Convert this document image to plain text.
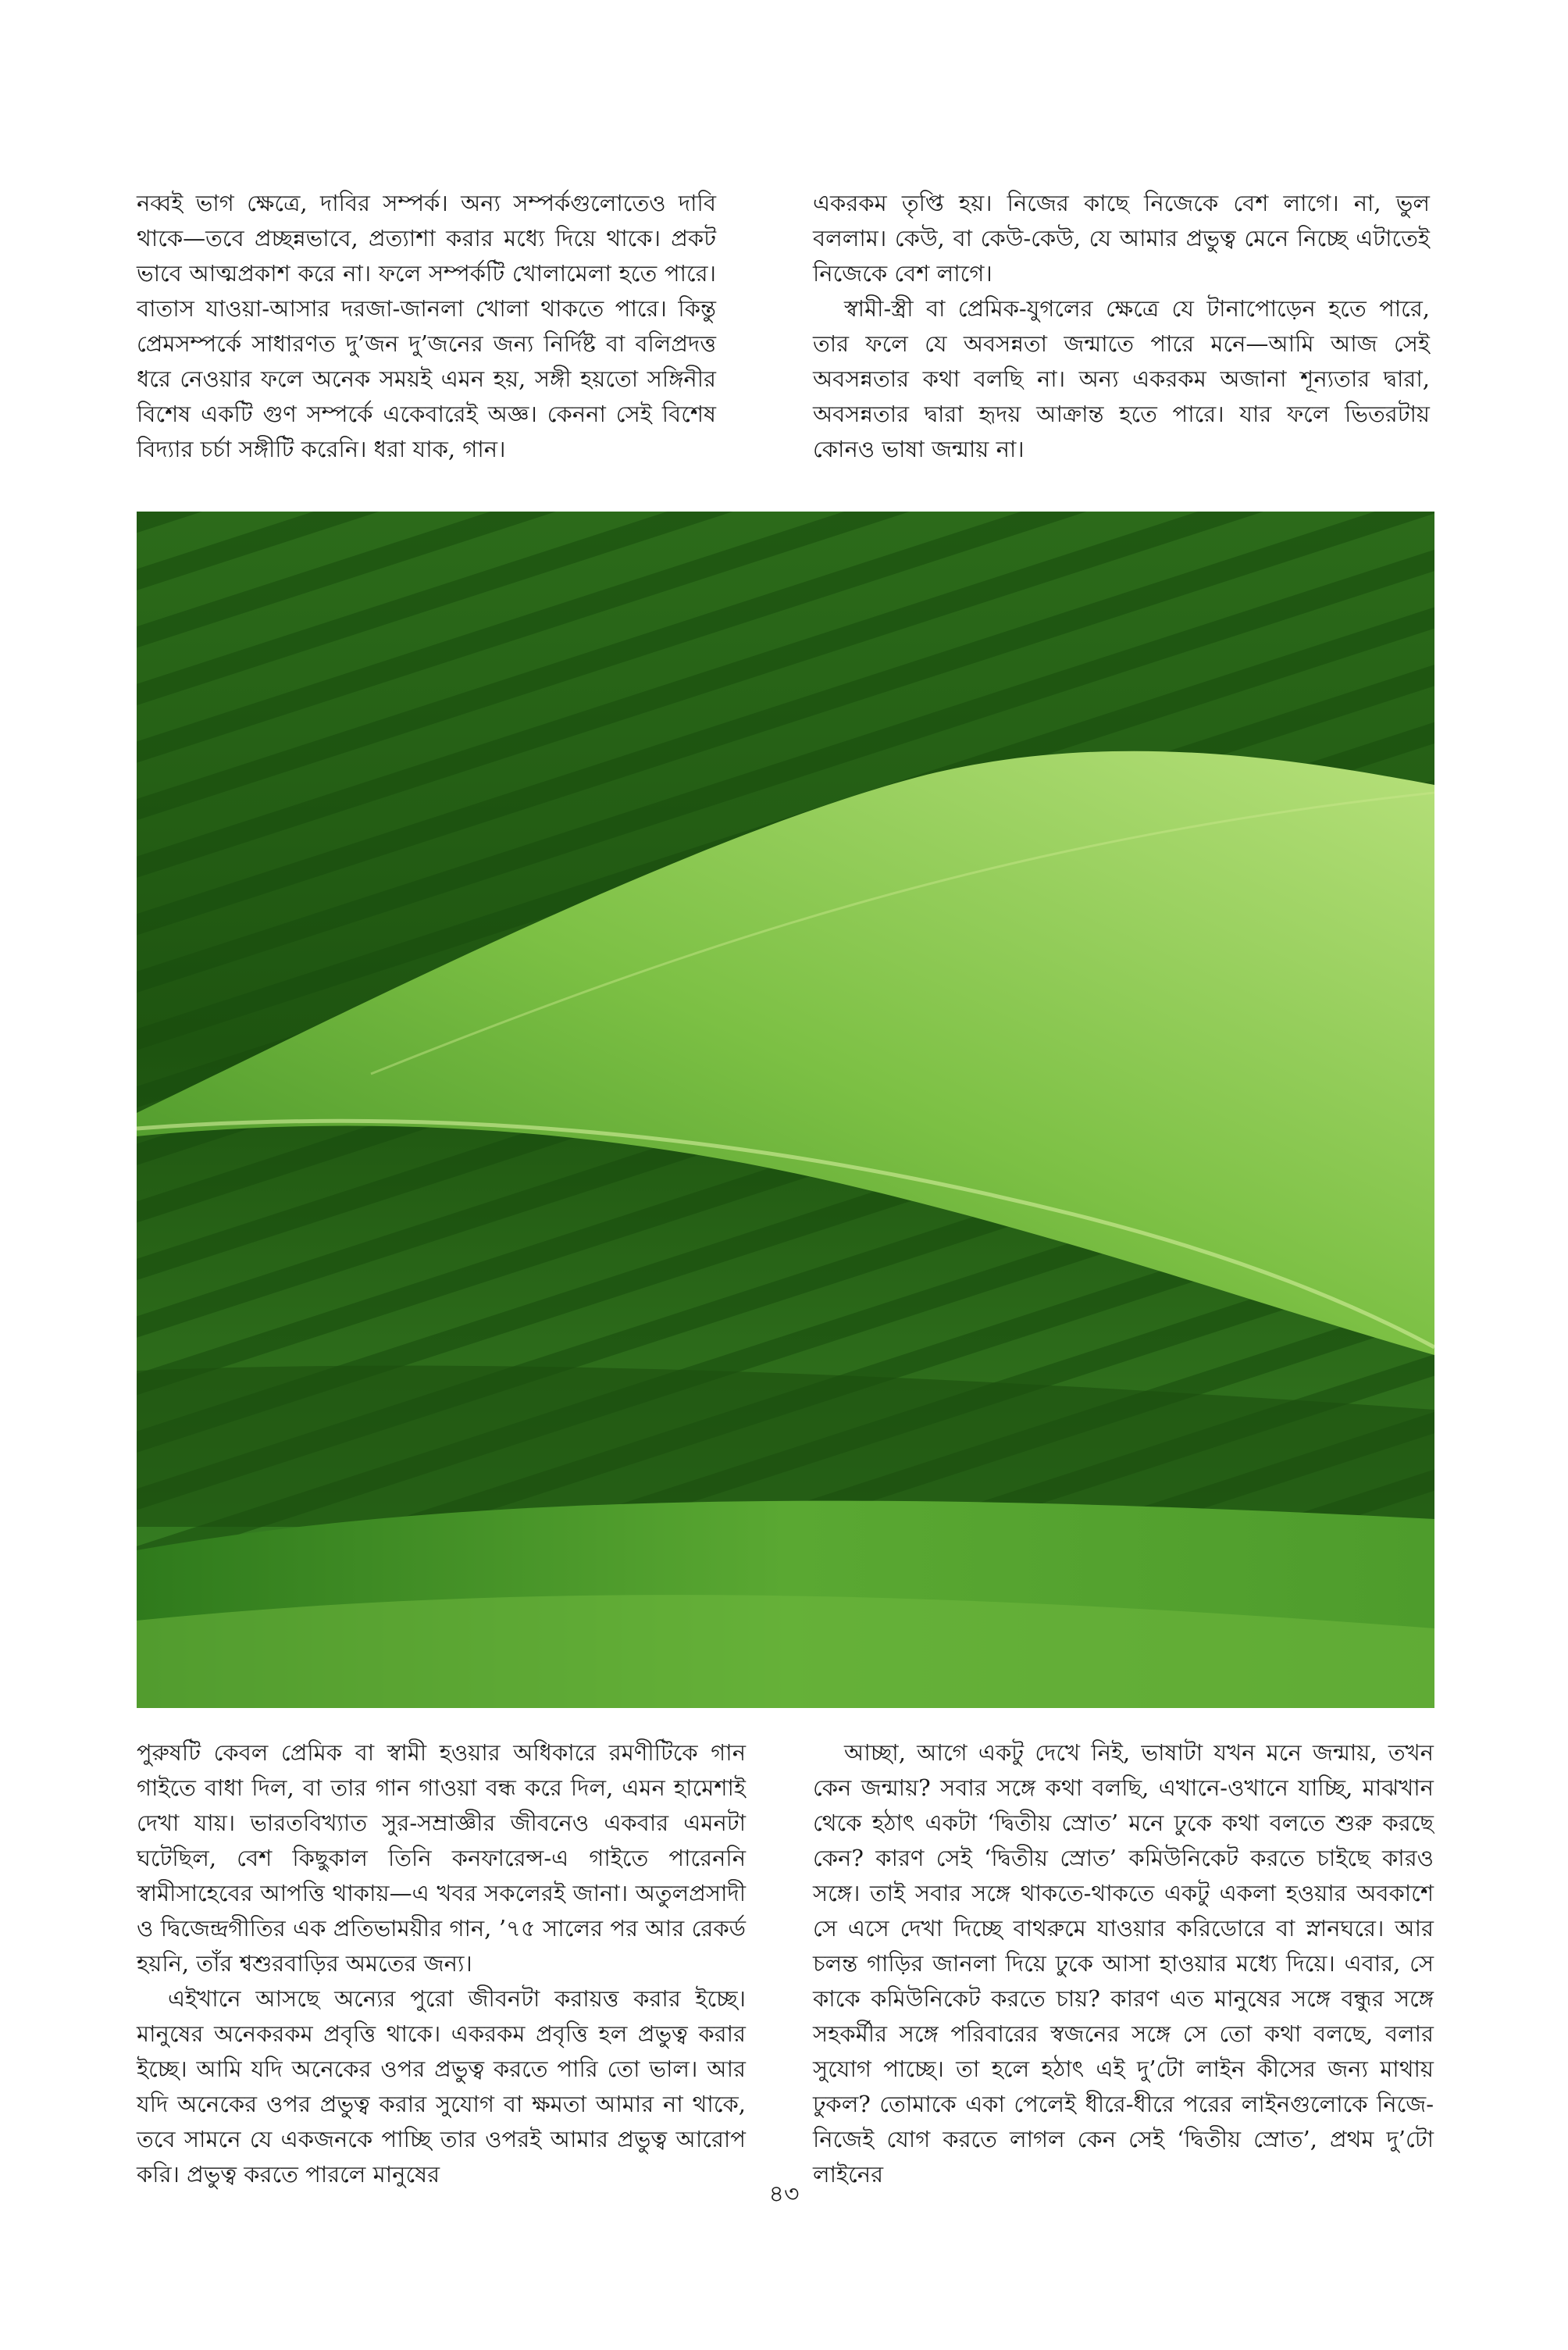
নব্বই ভাগ ক্ষেত্রে, দাবির সম্পর্ক। অন্য সম্পর্কগুলোতেও দাবি থাকে—তবে প্রচ্ছন্নভাবে, প্রত্যাশা করার মধ্যে দিয়ে থাকে। প্রকট ভাবে আত্মপ্রকাশ করে না। ফলে সম্পর্কটি খোলামেলা হতে পারে। বাতাস যাওয়া-আসার দরজা-জানলা খোলা থাকতে পারে। কিন্তু প্রেমসম্পর্কে সাধারণত দু’জন দু’জনের জন্য নির্দিষ্ট বা বলিপ্রদত্ত ধরে নেওয়ার ফলে অনেক সময়ই এমন হয়, সঙ্গী হয়তো সঙ্গিনীর বিশেষ একটি গুণ সম্পর্কে একেবারেই অজ্ঞ। কেননা সেই বিশেষ বিদ্যার চর্চা সঙ্গীটি করেনি। ধরা যাক, গান।

একরকম তৃপ্তি হয়। নিজের কাছে নিজেকে বেশ লাগে। না, ভুল বললাম। কেউ, বা কেউ-কেউ, যে আমার প্রভুত্ব মেনে নিচ্ছে এটাতেই নিজেকে বেশ লাগে।

স্বামী-স্ত্রী বা প্রেমিক-যুগলের ক্ষেত্রে যে টানাপোড়েন হতে পারে, তার ফলে যে অবসন্নতা জন্মাতে পারে মনে—আমি আজ সেই অবসন্নতার কথা বলছি না। অন্য একরকম অজানা শূন্যতার দ্বারা, অবসন্নতার দ্বারা হৃদয় আক্রান্ত হতে পারে। যার ফলে ভিতরটায় কোনও ভাষা জন্মায় না।

পুরুষটি কেবল প্রেমিক বা স্বামী হওয়ার অধিকারে রমণীটিকে গান গাইতে বাধা দিল, বা তার গান গাওয়া বন্ধ করে দিল, এমন হামেশাই দেখা যায়। ভারতবিখ্যাত সুর-সম্রাজ্ঞীর জীবনেও একবার এমনটা ঘটেছিল, বেশ কিছুকাল তিনি কনফারেন্স-এ গাইতে পারেননি স্বামীসাহেবের আপত্তি থাকায়—এ খবর সকলেরই জানা। অতুলপ্রসাদী ও দ্বিজেন্দ্রগীতির এক প্রতিভাময়ীর গান, ’৭৫ সালের পর আর রেকর্ড হয়নি, তাঁর শ্বশুরবাড়ির অমতের জন্য।

এইখানে আসছে অন্যের পুরো জীবনটা করায়ত্ত করার ইচ্ছে। মানুষের অনেকরকম প্রবৃত্তি থাকে। একরকম প্রবৃত্তি হল প্রভুত্ব করার ইচ্ছে। আমি যদি অনেকের ওপর প্রভুত্ব করতে পারি তো ভাল। আর যদি অনেকের ওপর প্রভুত্ব করার সুযোগ বা ক্ষমতা আমার না থাকে, তবে সামনে যে একজনকে পাচ্ছি তার ওপরই আমার প্রভুত্ব আরোপ করি। প্রভুত্ব করতে পারলে মানুষের

আচ্ছা, আগে একটু দেখে নিই, ভাষাটা যখন মনে জন্মায়, তখন কেন জন্মায়? সবার সঙ্গে কথা বলছি, এখানে-ওখানে যাচ্ছি, মাঝখান থেকে হঠাৎ একটা ‘দ্বিতীয় স্রোত’ মনে ঢুকে কথা বলতে শুরু করছে কেন? কারণ সেই ‘দ্বিতীয় স্রোত’ কমিউনিকেট করতে চাইছে কারও সঙ্গে। তাই সবার সঙ্গে থাকতে-থাকতে একটু একলা হওয়ার অবকাশে সে এসে দেখা দিচ্ছে বাথরুমে যাওয়ার করিডোরে বা স্নানঘরে। আর চলন্ত গাড়ির জানলা দিয়ে ঢুকে আসা হাওয়ার মধ্যে দিয়ে। এবার, সে কাকে কমিউনিকেট করতে চায়? কারণ এত মানুষের সঙ্গে বন্ধুর সঙ্গে সহকর্মীর সঙ্গে পরিবারের স্বজনের সঙ্গে সে তো কথা বলছে, বলার সুযোগ পাচ্ছে। তা হলে হঠাৎ এই দু’টো লাইন কীসের জন্য মাথায় ঢুকল? তোমাকে একা পেলেই ধীরে-ধীরে পরের লাইনগুলোকে নিজে-নিজেই যোগ করতে লাগল কেন সেই ‘দ্বিতীয় স্রোত’, প্রথম দু’টো লাইনের

৪৩
